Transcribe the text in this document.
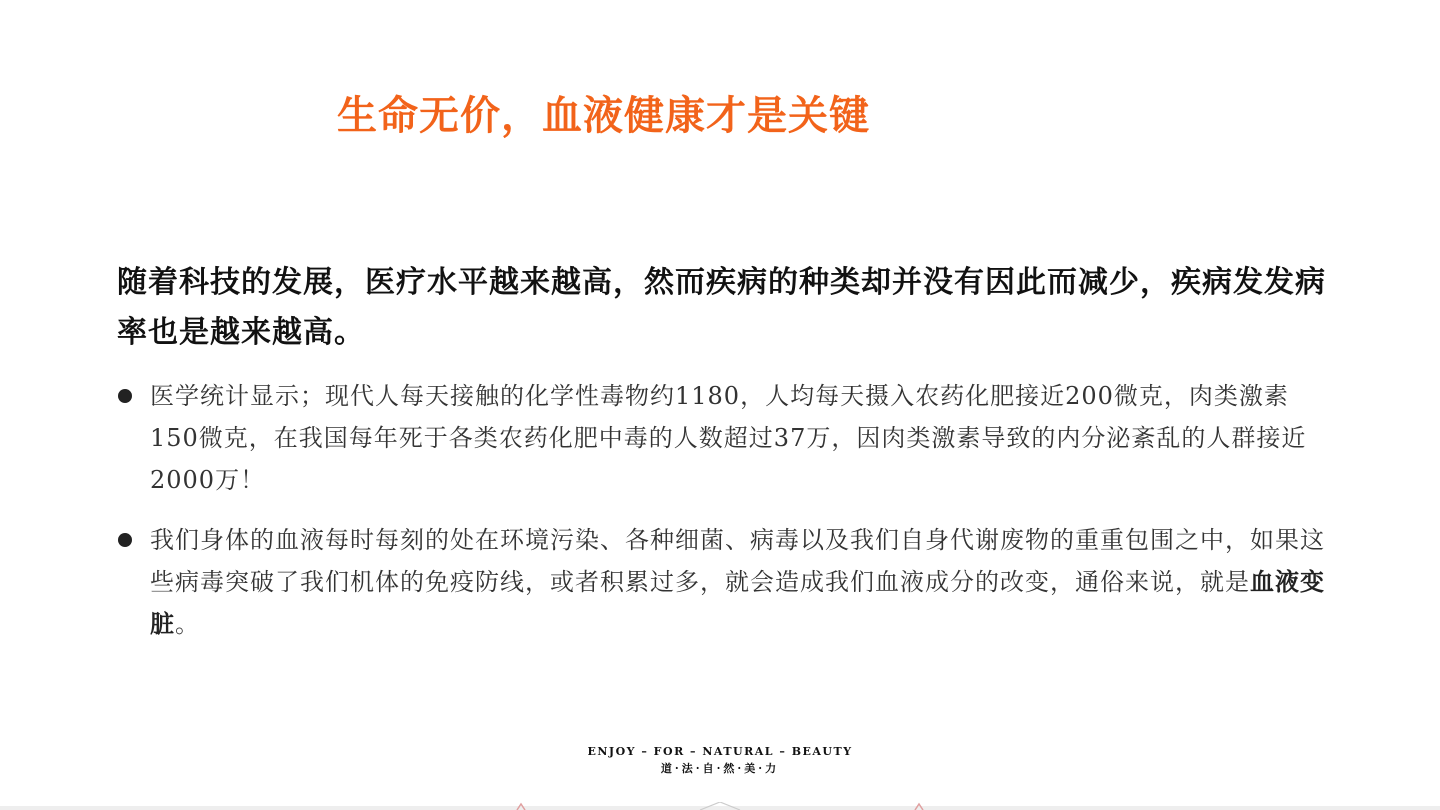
生命无价，血液健康才是关键
随着科技的发展，医疗水平越来越高，然而疾病的种类却并没有因此而减少，疾病发发病率也是越来越高。
医学统计显示；现代人每天接触的化学性毒物约1180，人均每天摄入农药化肥接近200微克，肉类激素150微克，在我国每年死于各类农药化肥中毒的人数超过37万，因肉类激素导致的内分泌紊乱的人群接近2000万！
我们身体的血液每时每刻的处在环境污染、各种细菌、病毒以及我们自身代谢废物的重重包围之中，如果这些病毒突破了我们机体的免疫防线，或者积累过多，就会造成我们血液成分的改变，通俗来说，就是血液变脏。
ENJOY – FOR – NATURAL – BEAUTY
道·法·自·然·美·力
